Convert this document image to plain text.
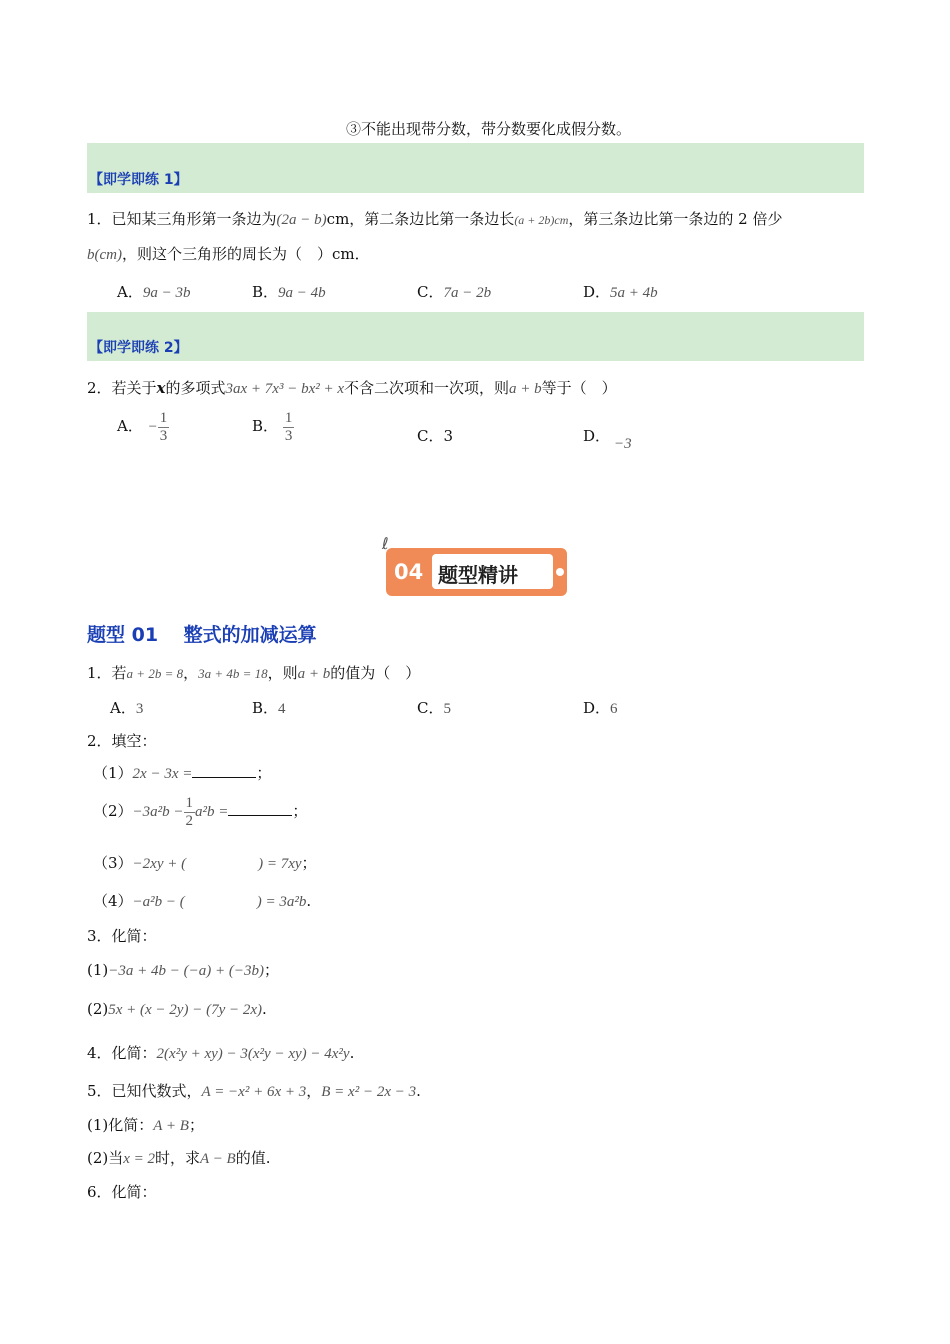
③不能出现带分数，带分数要化成假分数。
【即学即练 1】
1．已知某三角形第一条边为(2a − b)cm，第二条边比第一条边长(a + 2b)cm，第三条边比第一条边的 2 倍少
b(cm)，则这个三角形的周长为（　）cm．
A．9a − 3b	B．9a − 4b	C．7a − 2b	D．5a + 4b
【即学即练 2】
2．若关于x的多项式3ax + 7x³ − bx² + x不含二次项和一次项，则a + b等于（　）
A． − $\frac{1}{3}$	B． $\frac{1}{3}$	C．3	D． −3
04 题型精讲
ℓ
题型 01　 整式的加减运算
1．若a + 2b = 8，3a + 4b = 18，则a + b的值为（　）
A．3	B．4	C．5	D．6
2．填空：
（1）2x − 3x =	；
$(2)-3a^2b - \frac{1}{2} a^2b$ =	；
（3）−2xy + (	) = 7xy；
（4）−a²b − (	) = 3a²b.
3．化简：
(1)−3a + 4b − (−a) + (−3b)；
(2)5x + (x − 2y) − (7y − 2x).
4．化简：2(x²y + xy) − 3(x²y − xy) − 4x²y.
5．已知代数式，A = −x² + 6x + 3，B = x² − 2x − 3.
(1)化简：A + B；
(2)当x = 2时，求A − B的值.
6．化简：
